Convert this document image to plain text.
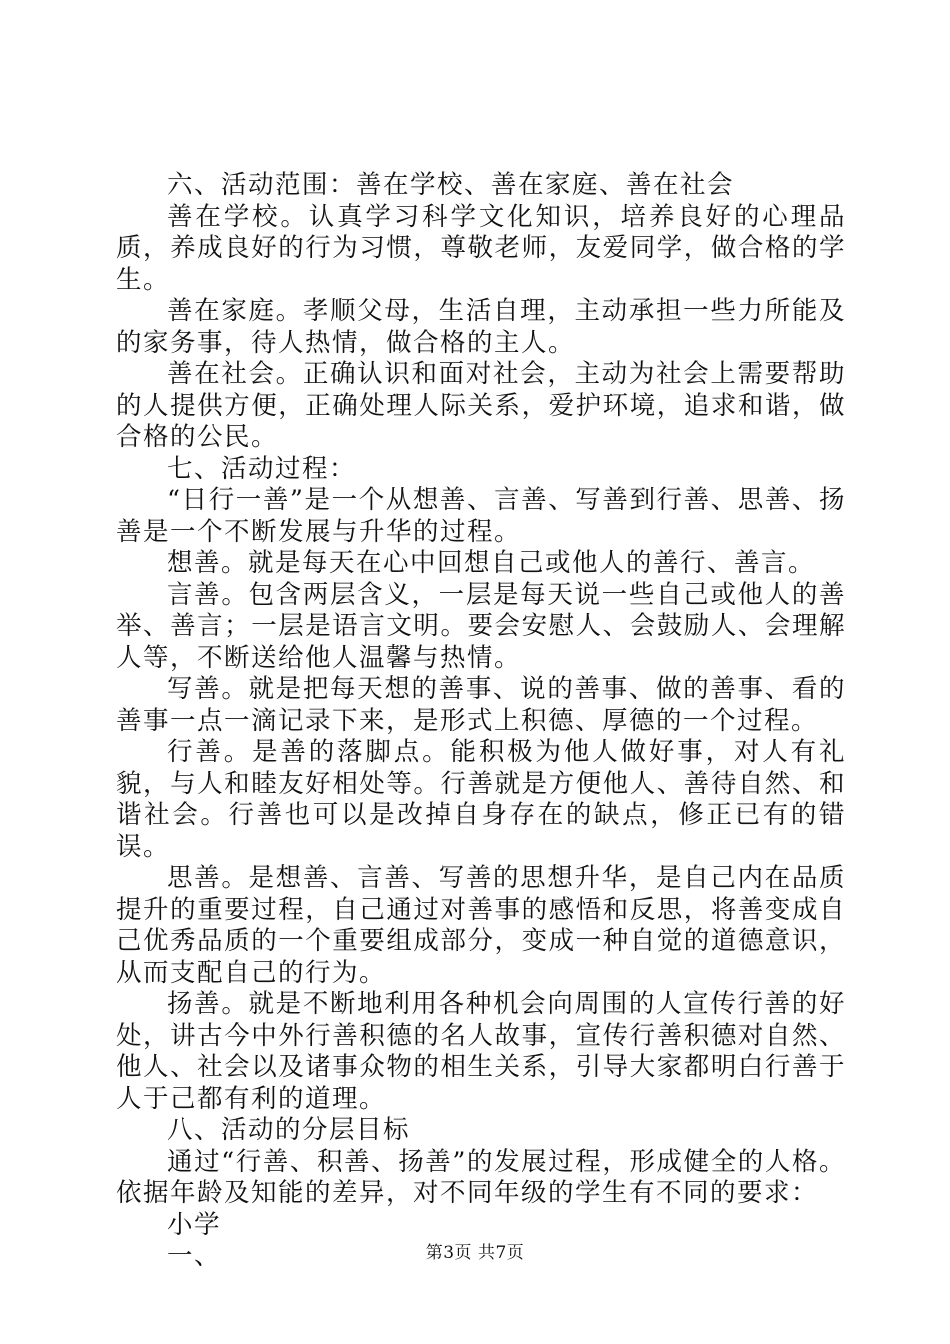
六、活动范围：善在学校、善在家庭、善在社会

善在学校。认真学习科学文化知识，培养良好的心理品质，养成良好的行为习惯，尊敬老师，友爱同学，做合格的学生。

善在家庭。孝顺父母，生活自理，主动承担一些力所能及的家务事，待人热情，做合格的主人。

善在社会。正确认识和面对社会，主动为社会上需要帮助的人提供方便，正确处理人际关系，爱护环境，追求和谐，做合格的公民。

七、活动过程：

“日行一善”是一个从想善、言善、写善到行善、思善、扬善是一个不断发展与升华的过程。

想善。就是每天在心中回想自己或他人的善行、善言。

言善。包含两层含义，一层是每天说一些自己或他人的善举、善言；一层是语言文明。要会安慰人、会鼓励人、会理解人等，不断送给他人温馨与热情。

写善。就是把每天想的善事、说的善事、做的善事、看的善事一点一滴记录下来，是形式上积德、厚德的一个过程。

行善。是善的落脚点。能积极为他人做好事，对人有礼貌，与人和睦友好相处等。行善就是方便他人、善待自然、和谐社会。行善也可以是改掉自身存在的缺点，修正已有的错误。

思善。是想善、言善、写善的思想升华，是自己内在品质提升的重要过程，自己通过对善事的感悟和反思，将善变成自己优秀品质的一个重要组成部分，变成一种自觉的道德意识，从而支配自己的行为。

扬善。就是不断地利用各种机会向周围的人宣传行善的好处，讲古今中外行善积德的名人故事，宣传行善积德对自然、他人、社会以及诸事众物的相生关系，引导大家都明白行善于人于己都有利的道理。

八、活动的分层目标

通过“行善、积善、扬善”的发展过程，形成健全的人格。依据年龄及知能的差异，对不同年级的学生有不同的要求：

小学

一、	第3页 共7页
